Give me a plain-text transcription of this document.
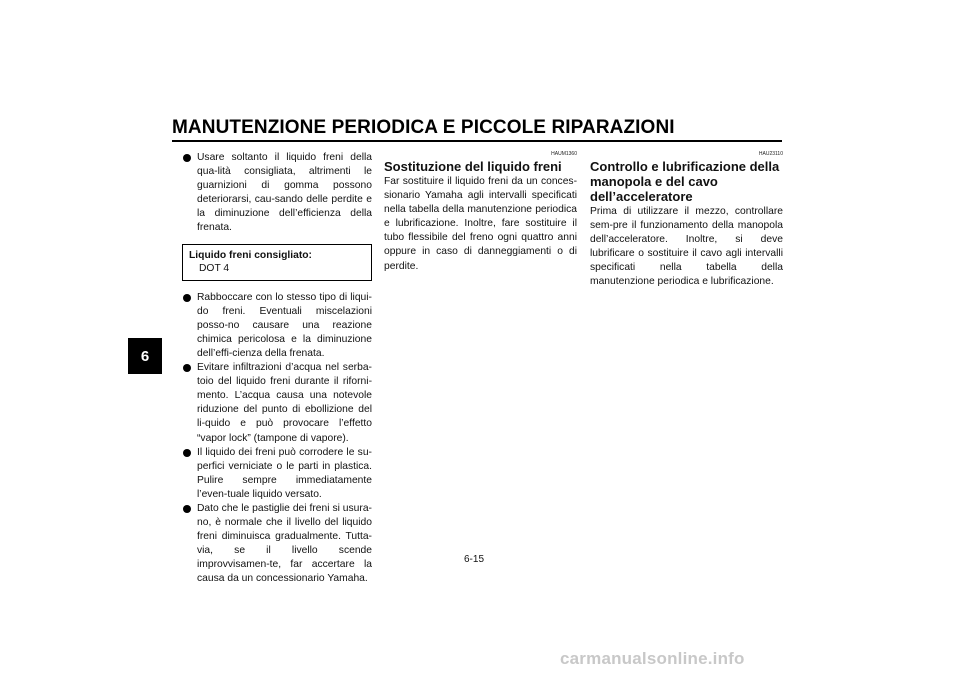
MANUTENZIONE PERIODICA E PICCOLE RIPARAZIONI
6
Usare soltanto il liquido freni della qua-lità consigliata, altrimenti le guarnizioni di gomma possono deteriorarsi, cau-sando delle perdite e la diminuzione dell’efficienza della frenata.
Liquido freni consigliato:
DOT 4
Rabboccare con lo stesso tipo di liqui-do freni. Eventuali miscelazioni posso-no causare una reazione chimica pericolosa e la diminuzione dell’effi-cienza della frenata.
Evitare infiltrazioni d’acqua nel serba-toio del liquido freni durante il riforni-mento. L’acqua causa una notevole riduzione del punto di ebollizione del li-quido e può provocare l’effetto “vapor lock” (tampone di vapore).
Il liquido dei freni può corrodere le su-perfici verniciate o le parti in plastica. Pulire sempre immediatamente l’even-tuale liquido versato.
Dato che le pastiglie dei freni si usura-no, è normale che il livello del liquido freni diminuisca gradualmente. Tutta-via, se il livello scende improvvisamen-te, far accertare la causa da un concessionario Yamaha.
HAUM1360
Sostituzione del liquido freni
Far sostituire il liquido freni da un conces-sionario Yamaha agli intervalli specificati nella tabella della manutenzione periodica e lubrificazione. Inoltre, fare sostituire il tubo flessibile del freno ogni quattro anni oppure in caso di danneggiamenti o di perdite.
HAU23110
Controllo e lubrificazione della manopola e del cavo dell’acceleratore
Prima di utilizzare il mezzo, controllare sem-pre il funzionamento della manopola dell’acceleratore. Inoltre, si deve lubrificare o sostituire il cavo agli intervalli specificati nella tabella della manutenzione periodica e lubrificazione.
6-15
carmanualsonline.info
